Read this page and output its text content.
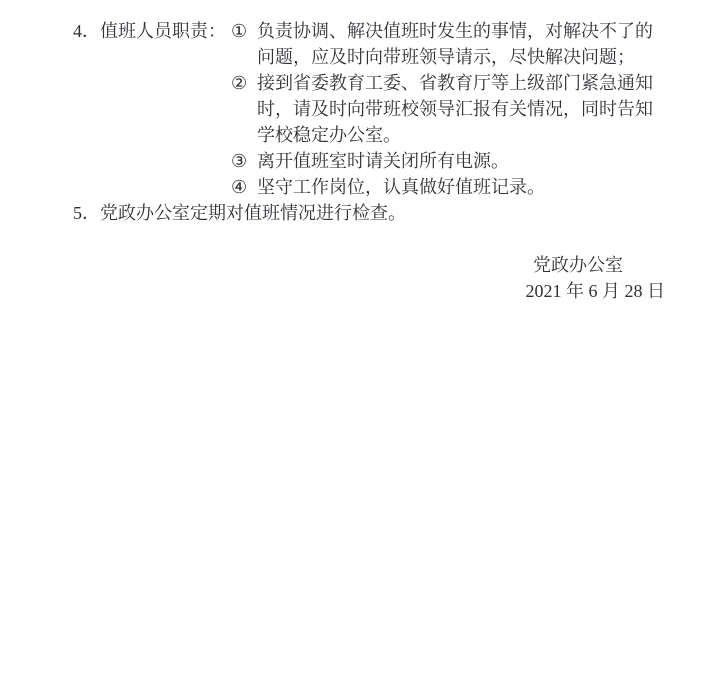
4． 值班人员职责： ① 负责协调、解决值班时发生的事情，对解决不了的
问题，应及时向带班领导请示，尽快解决问题；
② 接到省委教育工委、省教育厅等上级部门紧急通知
时，请及时向带班校领导汇报有关情况，同时告知
学校稳定办公室。
③ 离开值班室时请关闭所有电源。
④ 坚守工作岗位，认真做好值班记录。
5． 党政办公室定期对值班情况进行检查。
党政办公室
2021 年 6 月 28 日
